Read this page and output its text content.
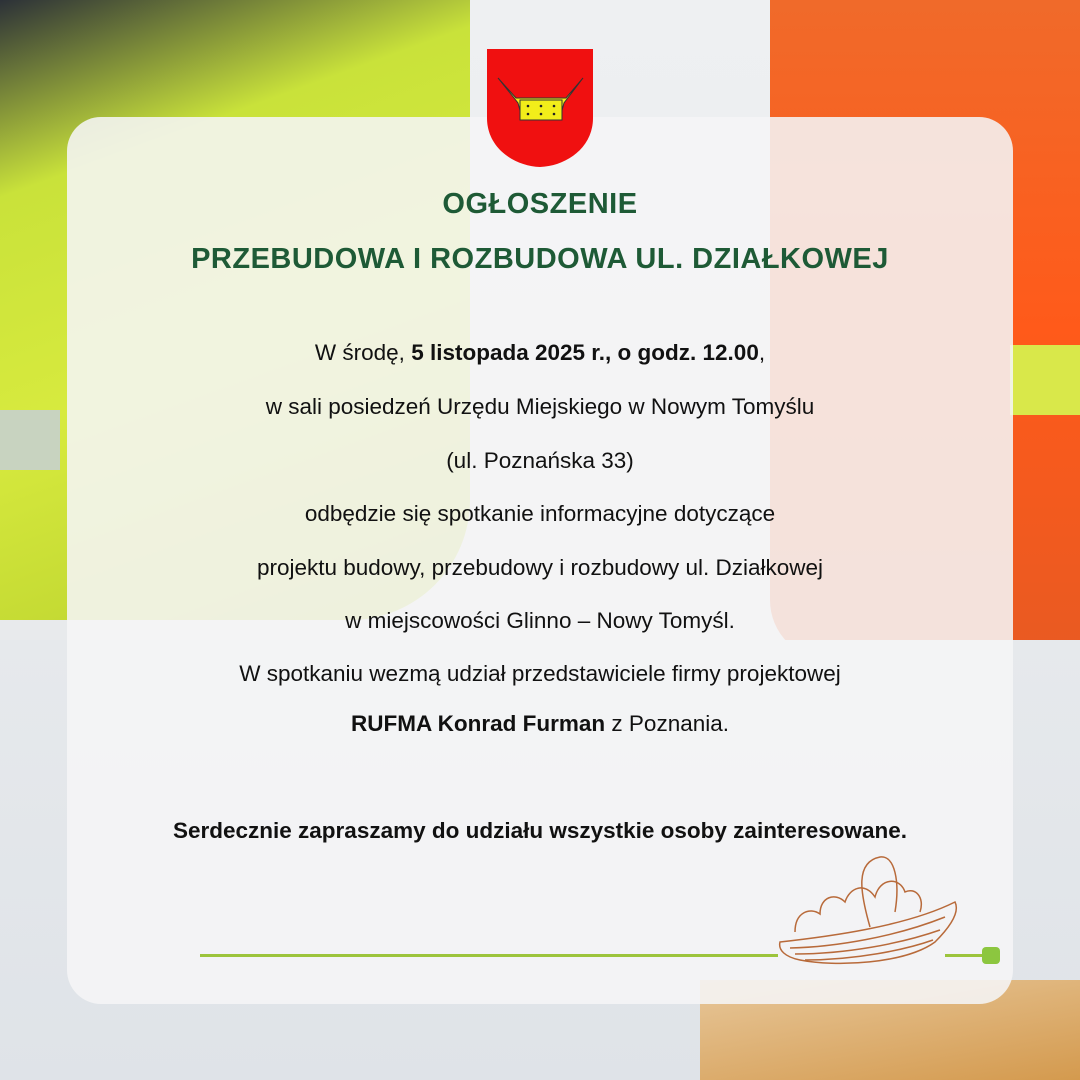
OGŁOSZENIE
PRZEBUDOWA I ROZBUDOWA UL. DZIAŁKOWEJ
W środę, 5 listopada 2025 r., o godz. 12.00,
w sali posiedzeń Urzędu Miejskiego w Nowym Tomyślu
(ul. Poznańska 33)
odbędzie się spotkanie informacyjne dotyczące
projektu budowy, przebudowy i rozbudowy ul. Działkowej
w miejscowości Glinno – Nowy Tomyśl.
W spotkaniu wezmą udział przedstawiciele firmy projektowej
RUFMA Konrad Furman z Poznania.
Serdecznie zapraszamy do udziału wszystkie osoby zainteresowane.
